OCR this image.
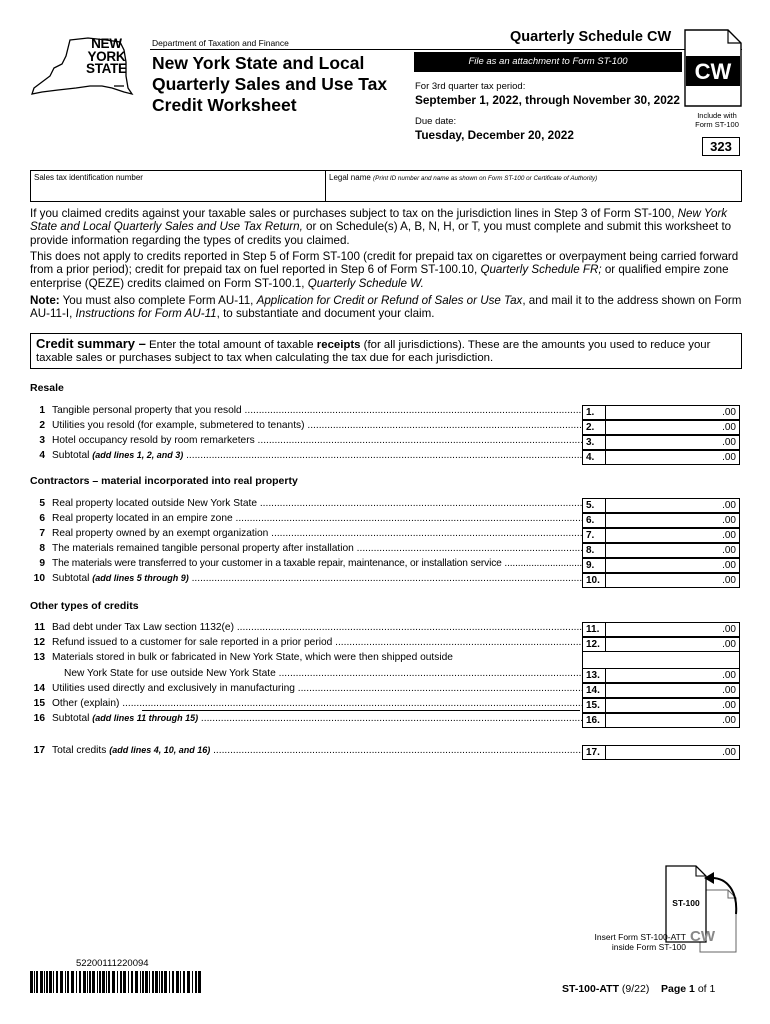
NEW
YORK
STATE
Department of Taxation and Finance
New York State and Local
Quarterly Sales and Use Tax
Credit Worksheet
Quarterly Schedule CW
File as an attachment to Form ST-100
For 3rd quarter tax period:
September 1, 2022, through November 30, 2022
Due date:
Tuesday, December 20, 2022
CW
Include with
Form ST-100
323
Sales tax identification number	Legal name (Print ID number and name as shown on Form ST-100 or Certificate of Authority)

If you claimed credits against your taxable sales or purchases subject to tax on the jurisdiction lines in Step 3 of Form ST-100, New York State and Local Quarterly Sales and Use Tax Return, or on Schedule(s) A, B, N, H, or T, you must complete and submit this worksheet to provide information regarding the types of credits you claimed.

This does not apply to credits reported in Step 5 of Form ST-100 (credit for prepaid tax on cigarettes or overpayment being carried forward from a prior period); credit for prepaid tax on fuel reported in Step 6 of Form ST-100.10, Quarterly Schedule FR; or qualified empire zone enterprise (QEZE) credits claimed on Form ST-100.1, Quarterly Schedule W.

Note: You must also complete Form AU-11, Application for Credit or Refund of Sales or Use Tax, and mail it to the address shown on Form AU-11-I, Instructions for Form AU-11, to substantiate and document your claim.

Credit summary – Enter the total amount of taxable receipts (for all jurisdictions). These are the amounts you used to reduce your taxable sales or purchases subject to tax when calculating the tax due for each jurisdiction.
Resale
1 Tangible personal property that you resold .....	1.	.00
2 Utilities you resold (for example, submetered to tenants) .....	2.	.00
3 Hotel occupancy resold by room remarketers .....	3.	.00
4 Subtotal (add lines 1, 2, and 3) .....	4.	.00
Contractors – material incorporated into real property
5 Real property located outside New York State .....	5.	.00
6 Real property located in an empire zone .....	6.	.00
7 Real property owned by an exempt organization .....	7.	.00
8 The materials remained tangible personal property after installation .....	8.	.00
9 The materials were transferred to your customer in a taxable repair, maintenance, or installation service .....	9.	.00
10 Subtotal (add lines 5 through 9) .....	10.	.00
Other types of credits
11 Bad debt under Tax Law section 1132(e) .....	11.	.00
12 Refund issued to a customer for sale reported in a prior period .....	12.	.00
13 Materials stored in bulk or fabricated in New York State, which were then shipped outside
New York State for use outside New York State .....	13.	.00
14 Utilities used directly and exclusively in manufacturing .....	14.	.00
15 Other (explain) .....	15.	.00
16 Subtotal (add lines 11 through 15) .....	16.	.00
17 Total credits (add lines 4, 10, and 16) .....	17.	.00
ST-100
CW
Insert Form ST-100-ATT
inside Form ST-100
52200111220094
ST-100-ATT (9/22) Page 1 of 1
